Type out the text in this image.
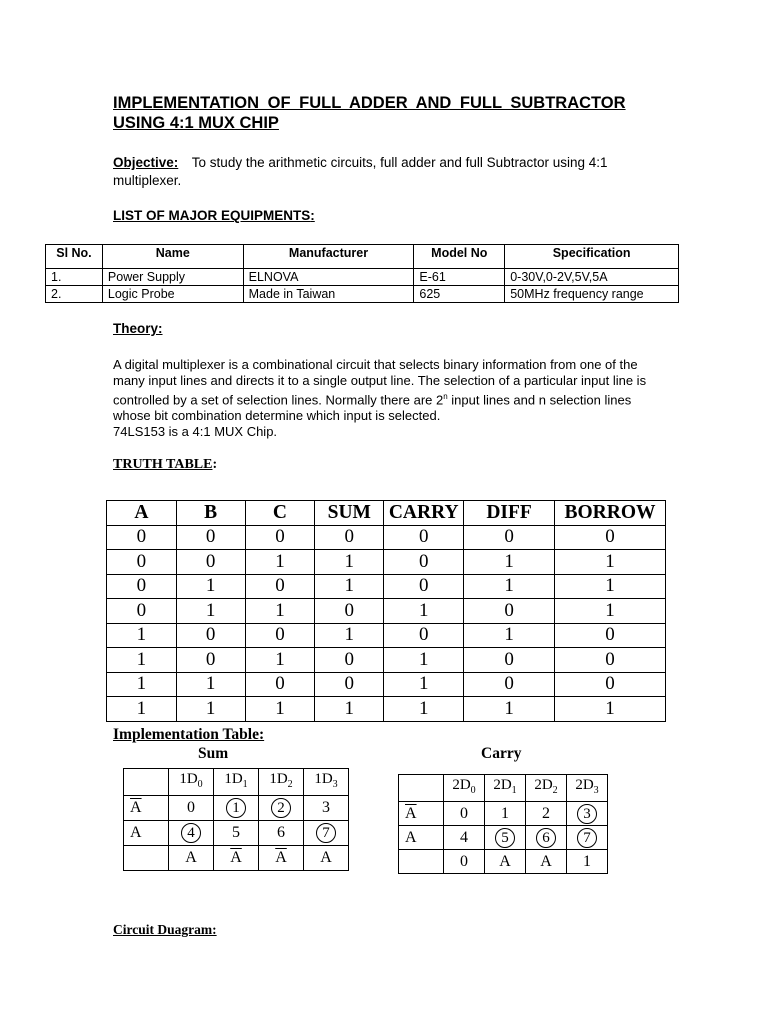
IMPLEMENTATION OF FULL ADDER AND FULL SUBTRACTOR
USING 4:1 MUX CHIP
Objective: To study the arithmetic circuits, full adder and full Subtractor using 4:1 multiplexer.
LIST OF MAJOR EQUIPMENTS:
Sl No.	Name	Manufacturer	Model No	Specification
1.	Power Supply	ELNOVA	E-61	0-30V,0-2V,5V,5A
2.	Logic Probe	Made in Taiwan	625	50MHz frequency range
Theory:

A digital multiplexer is a combinational circuit that selects binary information from one of the many input lines and directs it to a single output line. The selection of a particular input line is controlled by a set of selection lines. Normally there are 2$^n$ input lines and n selection lines whose bit combination determine which input is selected.

74LS153 is a 4:1 MUX Chip.

TRUTH TABLE:
A	B	C	SUM	CARRY	DIFF	BORROW
0	0	0	0	0	0	0
0	0	1	1	0	1	1
0	1	0	1	0	1	1
0	1	1	0	1	0	1
1	0	0	1	0	1	0
1	0	1	0	1	0	0
1	1	0	0	1	0	0
1	1	1	1	1	1	1
Implementation Table:
Sum	Carry
	$1D_0$	$1D_1$	$1D_2$	$1D_3$
$\overline{A}$	0	1	2	3
A	4	5	6	7
	A	$\overline{A}$	$\overline{A}$	A
	$2D_0$	$2D_1$	$2D_2$	$2D_3$
$\overline{A}$	0	1	2	3
A	4	5	6	7
	0	A	A	1
Circuit Duagram:
